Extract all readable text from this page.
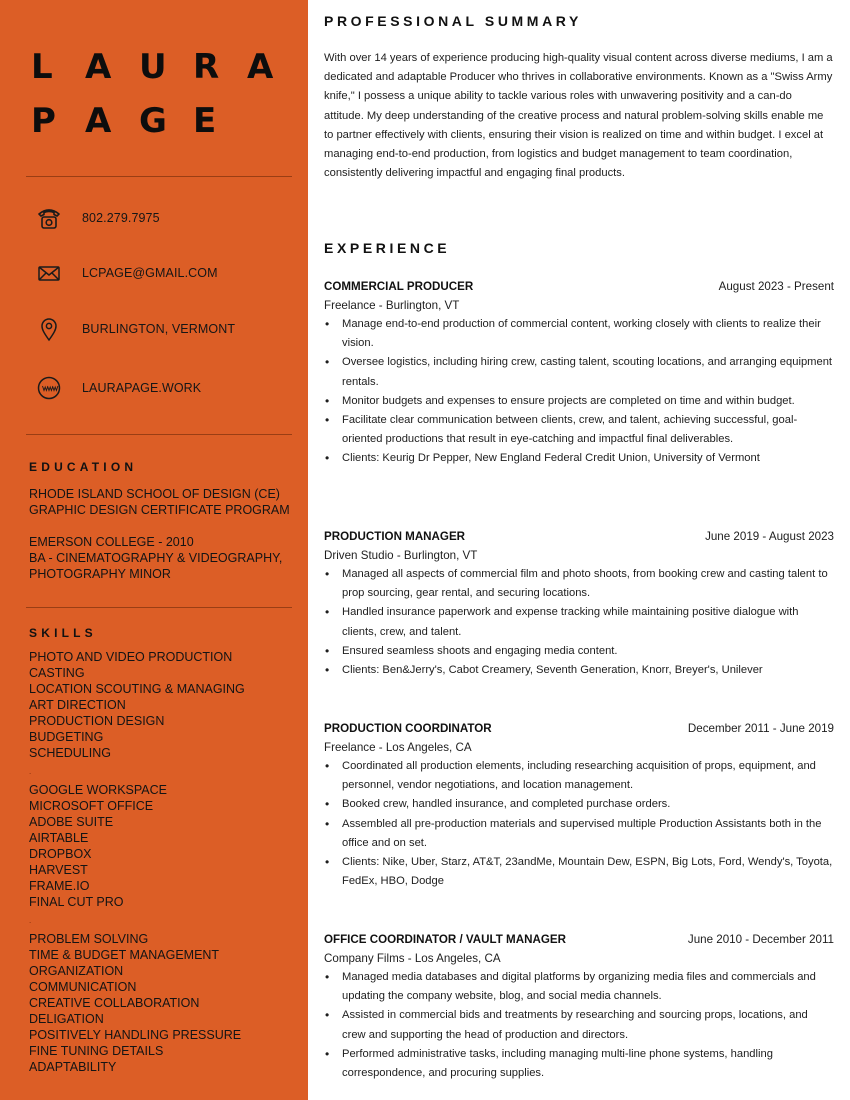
L A U R A
P A G E
802.279.7975
LCPAGE@GMAIL.COM
BURLINGTON, VERMONT
LAURAPAGE.WORK
EDUCATION
RHODE ISLAND SCHOOL OF DESIGN (CE)
GRAPHIC DESIGN CERTIFICATE PROGRAM
EMERSON COLLEGE - 2010
BA - CINEMATOGRAPHY & VIDEOGRAPHY,
PHOTOGRAPHY MINOR
SKILLS
PHOTO AND VIDEO PRODUCTION
CASTING
LOCATION SCOUTING & MANAGING
ART DIRECTION
PRODUCTION DESIGN
BUDGETING
SCHEDULING
.
GOOGLE WORKSPACE
MICROSOFT OFFICE
ADOBE SUITE
AIRTABLE
DROPBOX
HARVEST
FRAME.IO
FINAL CUT PRO
.
PROBLEM SOLVING
TIME & BUDGET MANAGEMENT
ORGANIZATION
COMMUNICATION
CREATIVE COLLABORATION
DELIGATION
POSITIVELY HANDLING PRESSURE
FINE TUNING DETAILS
ADAPTABILITY
PROFESSIONAL SUMMARY

With over 14 years of experience producing high-quality visual content across diverse mediums, I am a dedicated and adaptable Producer who thrives in collaborative environments. Known as a "Swiss Army knife," I possess a unique ability to tackle various roles with unwavering positivity and a can-do attitude. My deep understanding of the creative process and natural problem-solving skills enable me to partner effectively with clients, ensuring their vision is realized on time and within budget. I excel at managing end-to-end production, from logistics and budget management to team coordination, consistently delivering impactful and engaging final products.

EXPERIENCE
COMMERCIAL PRODUCER	August 2023 - Present
Freelance - Burlington, VT
• Manage end-to-end production of commercial content, working closely with clients to realize their vision.
• Oversee logistics, including hiring crew, casting talent, scouting locations, and arranging equipment rentals.
• Monitor budgets and expenses to ensure projects are completed on time and within budget.
• Facilitate clear communication between clients, crew, and talent, achieving successful, goal-oriented productions that result in eye-catching and impactful final deliverables.
• Clients: Keurig Dr Pepper, New England Federal Credit Union, University of Vermont
PRODUCTION MANAGER	June 2019 - August 2023
Driven Studio - Burlington, VT
• Managed all aspects of commercial film and photo shoots, from booking crew and casting talent to prop sourcing, gear rental, and securing locations.
• Handled insurance paperwork and expense tracking while maintaining positive dialogue with clients, crew, and talent.
• Ensured seamless shoots and engaging media content.
• Clients: Ben&Jerry's, Cabot Creamery, Seventh Generation, Knorr, Breyer's, Unilever
PRODUCTION COORDINATOR	December 2011 - June 2019
Freelance - Los Angeles, CA
• Coordinated all production elements, including researching acquisition of props, equipment, and personnel, vendor negotiations, and location management.
• Booked crew, handled insurance, and completed purchase orders.
• Assembled all pre-production materials and supervised multiple Production Assistants both in the office and on set.
• Clients: Nike, Uber, Starz, AT&T, 23andMe, Mountain Dew, ESPN, Big Lots, Ford, Wendy's, Toyota, FedEx, HBO, Dodge
OFFICE COORDINATOR / VAULT MANAGER	June 2010 - December 2011
Company Films - Los Angeles, CA
• Managed media databases and digital platforms by organizing media files and commercials and updating the company website, blog, and social media channels.
• Assisted in commercial bids and treatments by researching and sourcing props, locations, and crew and supporting the head of production and directors.
• Performed administrative tasks, including managing multi-line phone systems, handling correspondence, and procuring supplies.
